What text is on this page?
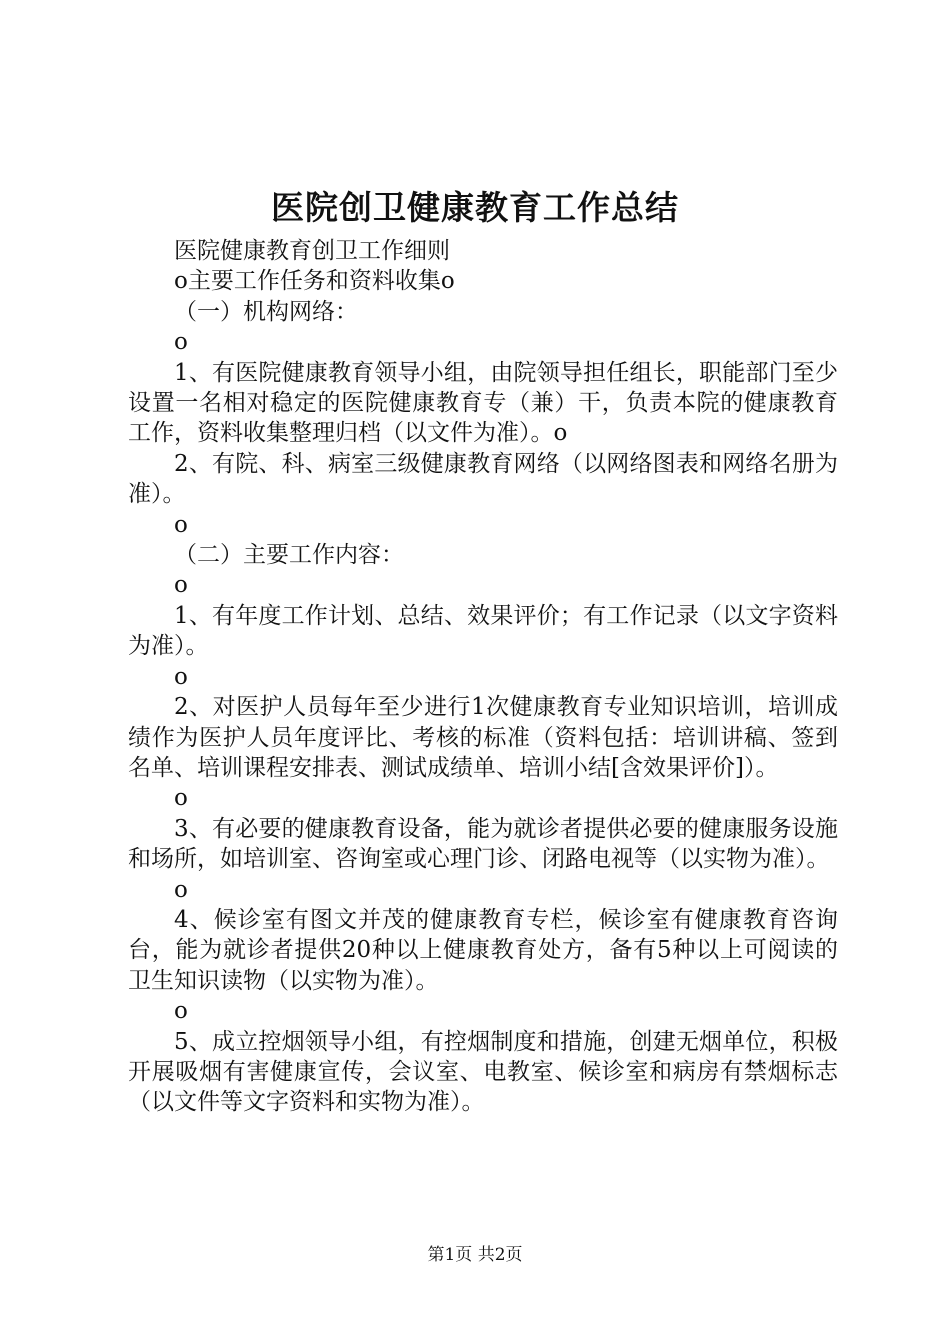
医院创卫健康教育工作总结

医院健康教育创卫工作细则

o主要工作任务和资料收集o

（一）机构网络：

o

1、有医院健康教育领导小组，由院领导担任组长，职能部门至少设置一名相对稳定的医院健康教育专（兼）干，负责本院的健康教育工作，资料收集整理归档（以文件为准）。o

2、有院、科、病室三级健康教育网络（以网络图表和网络名册为准）。

o

（二）主要工作内容：

o

1、有年度工作计划、总结、效果评价；有工作记录（以文字资料为准）。

o

2、对医护人员每年至少进行1次健康教育专业知识培训，培训成绩作为医护人员年度评比、考核的标准（资料包括：培训讲稿、签到名单、培训课程安排表、测试成绩单、培训小结[含效果评价]）。

o

3、有必要的健康教育设备，能为就诊者提供必要的健康服务设施和场所，如培训室、咨询室或心理门诊、闭路电视等（以实物为准）。

o

4、候诊室有图文并茂的健康教育专栏，候诊室有健康教育咨询台，能为就诊者提供20种以上健康教育处方，备有5种以上可阅读的卫生知识读物（以实物为准）。

o

5、成立控烟领导小组，有控烟制度和措施，创建无烟单位，积极开展吸烟有害健康宣传，会议室、电教室、候诊室和病房有禁烟标志（以文件等文字资料和实物为准）。

第1页 共2页
